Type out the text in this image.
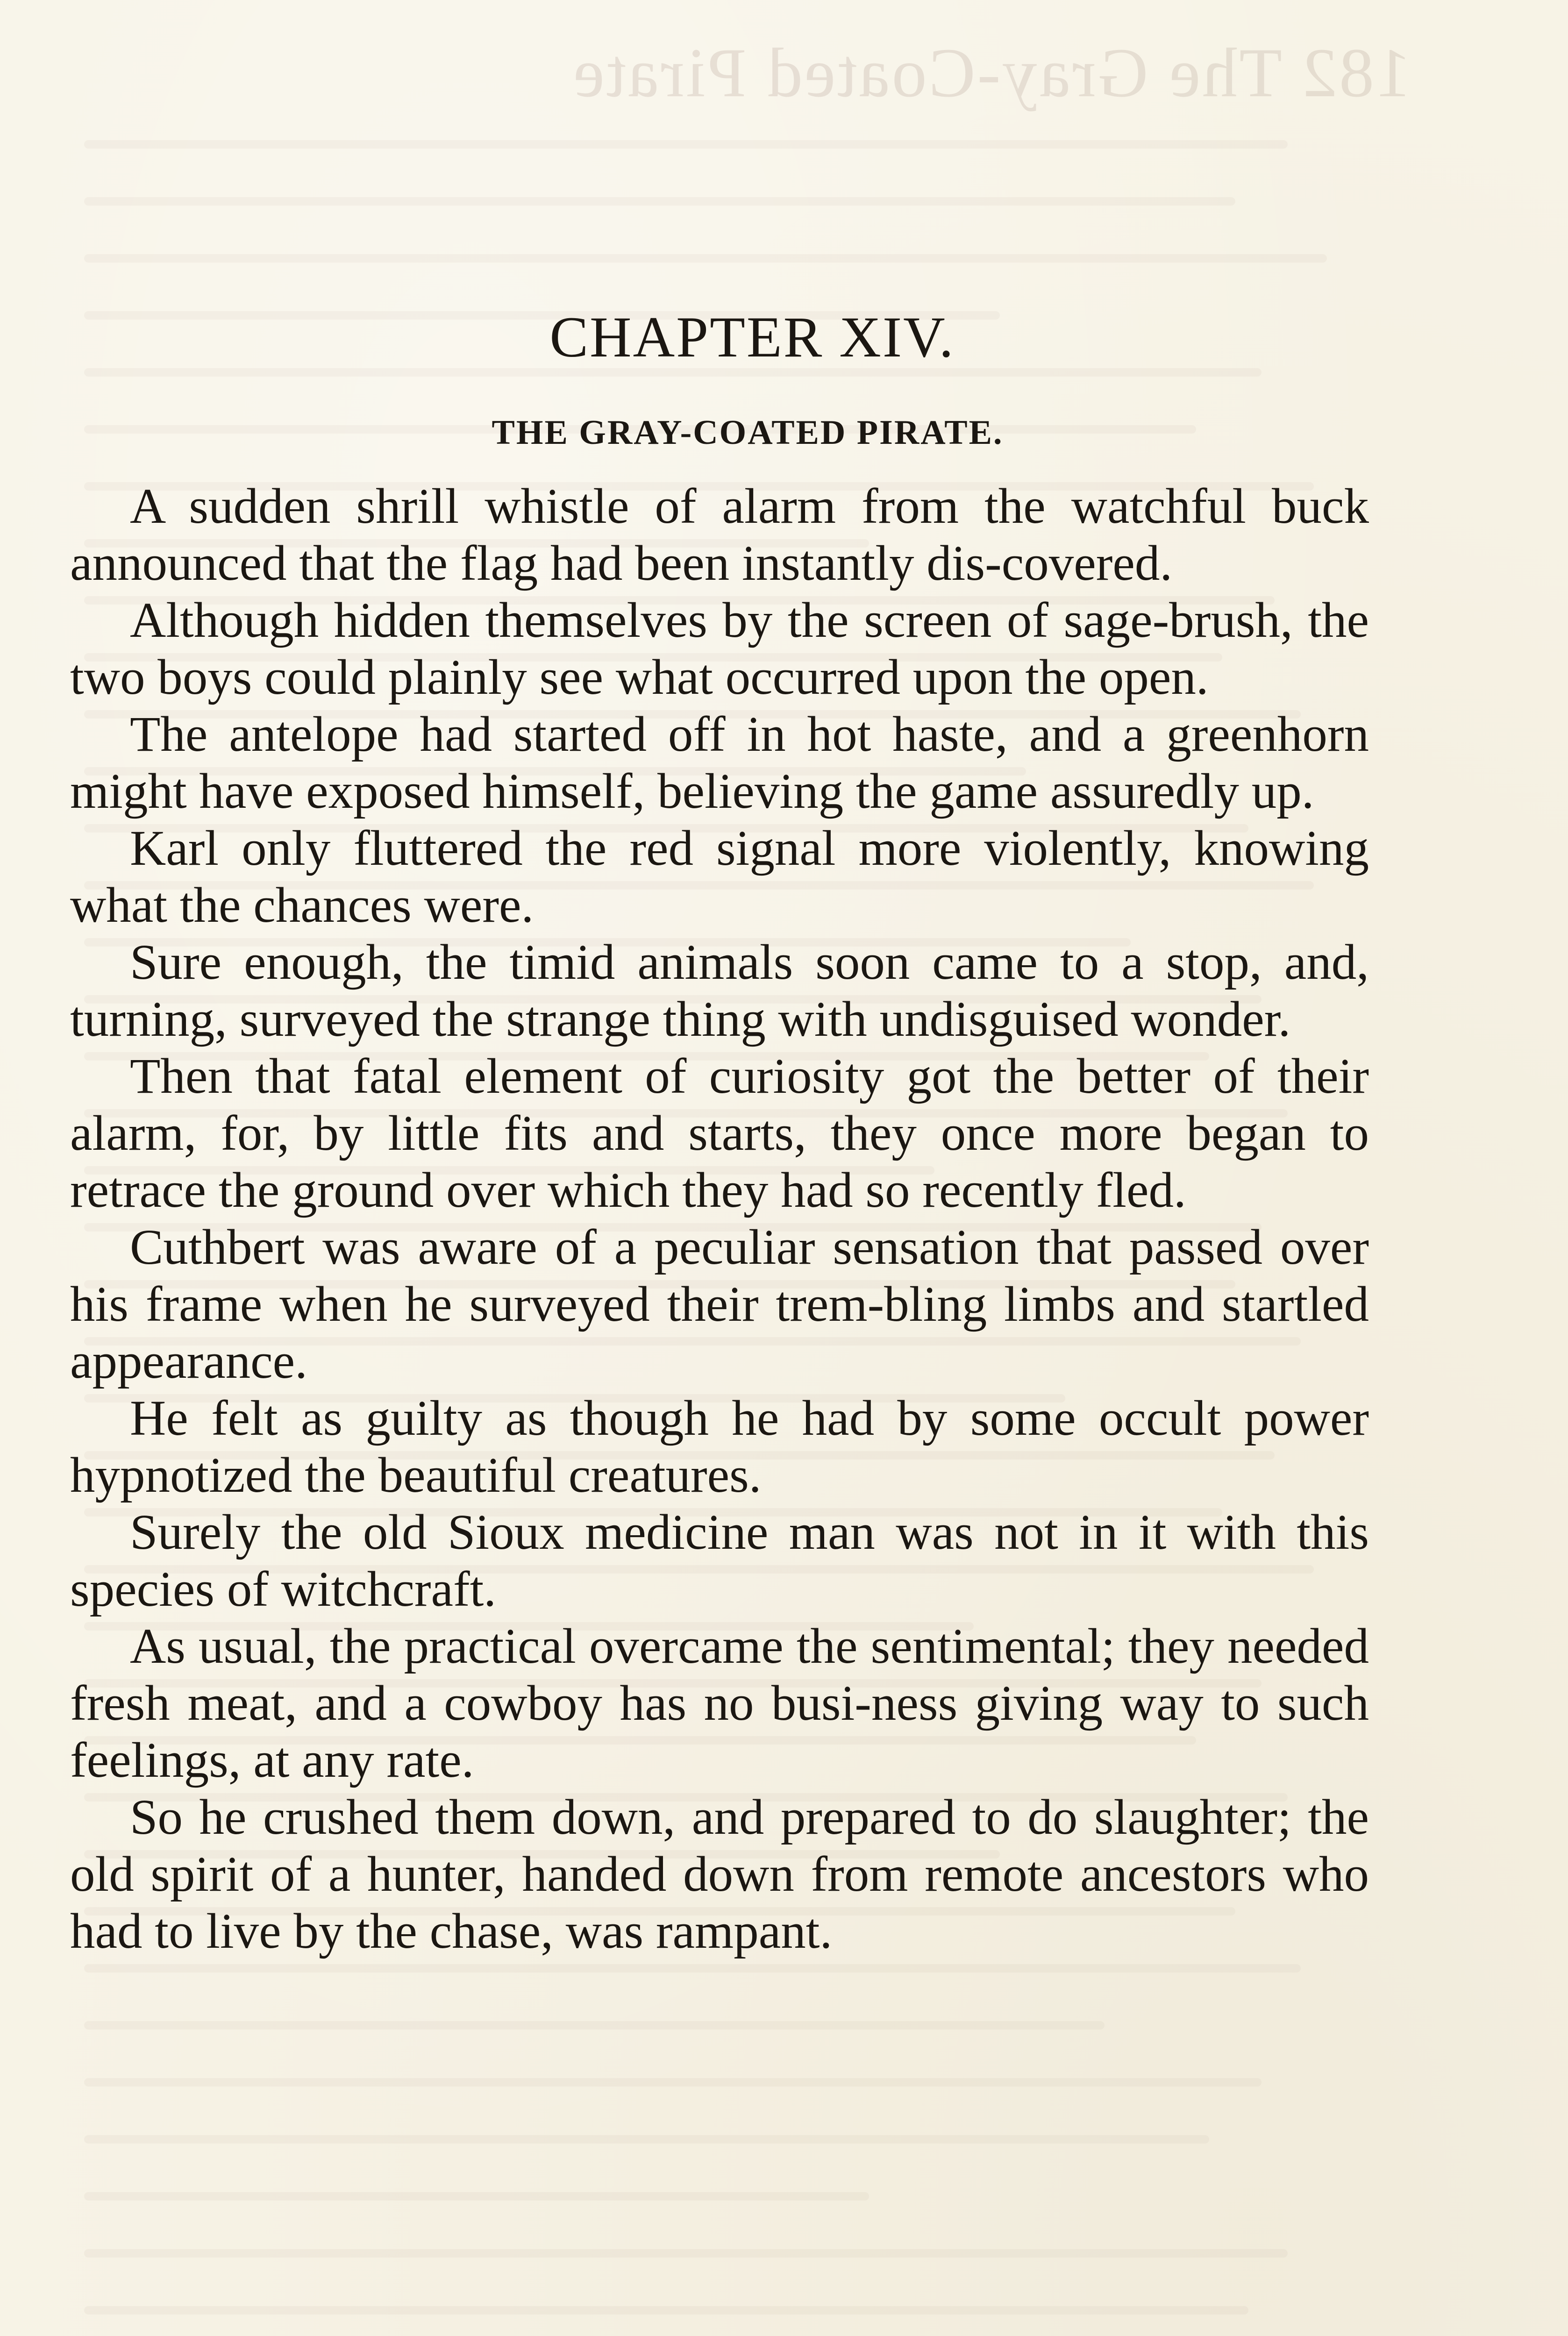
182 The Gray-Coated Pirate
CHAPTER XIV.
THE GRAY-COATED PIRATE.

A sudden shrill whistle of alarm from the watchful buck announced that the flag had been instantly dis-covered.

Although hidden themselves by the screen of sage-brush, the two boys could plainly see what occurred upon the open.

The antelope had started off in hot haste, and a greenhorn might have exposed himself, believing the game assuredly up.

Karl only fluttered the red signal more violently, knowing what the chances were.

Sure enough, the timid animals soon came to a stop, and, turning, surveyed the strange thing with undisguised wonder.

Then that fatal element of curiosity got the better of their alarm, for, by little fits and starts, they once more began to retrace the ground over which they had so recently fled.

Cuthbert was aware of a peculiar sensation that passed over his frame when he surveyed their trem-bling limbs and startled appearance.

He felt as guilty as though he had by some occult power hypnotized the beautiful creatures.

Surely the old Sioux medicine man was not in it with this species of witchcraft.

As usual, the practical overcame the sentimental; they needed fresh meat, and a cowboy has no busi-ness giving way to such feelings, at any rate.

So he crushed them down, and prepared to do slaughter; the old spirit of a hunter, handed down from remote ancestors who had to live by the chase, was rampant.
